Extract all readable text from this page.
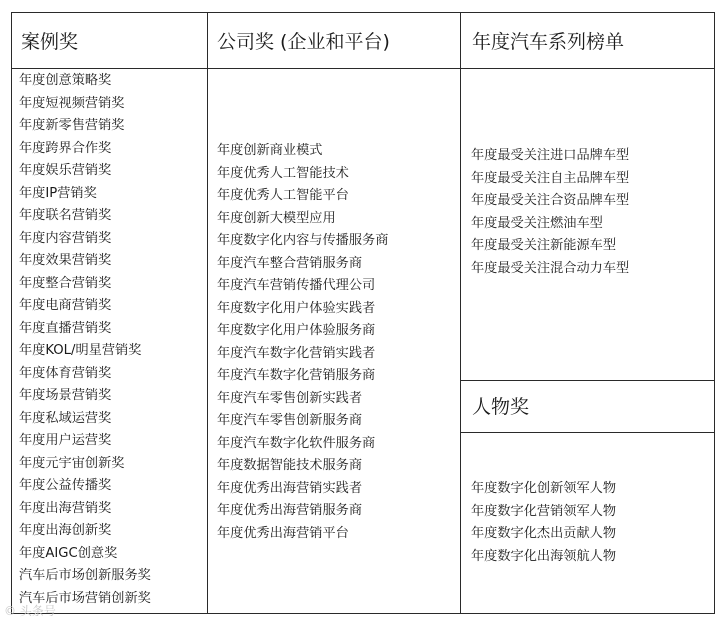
案例奖	公司奖 (企业和平台)	年度汽车系列榜单
人物奖
年度创意策略奖
年度短视频营销奖
年度新零售营销奖
年度跨界合作奖
年度娱乐营销奖
年度IP营销奖
年度联名营销奖
年度内容营销奖
年度效果营销奖
年度整合营销奖
年度电商营销奖
年度直播营销奖
年度KOL/明星营销奖
年度体育营销奖
年度场景营销奖
年度私域运营奖
年度用户运营奖
年度元宇宙创新奖
年度公益传播奖
年度出海营销奖
年度出海创新奖
年度AIGC创意奖
汽车后市场创新服务奖
汽车后市场营销创新奖
年度创新商业模式
年度优秀人工智能技术
年度优秀人工智能平台
年度创新大模型应用
年度数字化内容与传播服务商
年度汽车整合营销服务商
年度汽车营销传播代理公司
年度数字化用户体验实践者
年度数字化用户体验服务商
年度汽车数字化营销实践者
年度汽车数字化营销服务商
年度汽车零售创新实践者
年度汽车零售创新服务商
年度汽车数字化软件服务商
年度数据智能技术服务商
年度优秀出海营销实践者
年度优秀出海营销服务商
年度优秀出海营销平台
年度最受关注进口品牌车型
年度最受关注自主品牌车型
年度最受关注合资品牌车型
年度最受关注燃油车型
年度最受关注新能源车型
年度最受关注混合动力车型
年度数字化创新领军人物
年度数字化营销领军人物
年度数字化杰出贡献人物
年度数字化出海领航人物
© 头条号
